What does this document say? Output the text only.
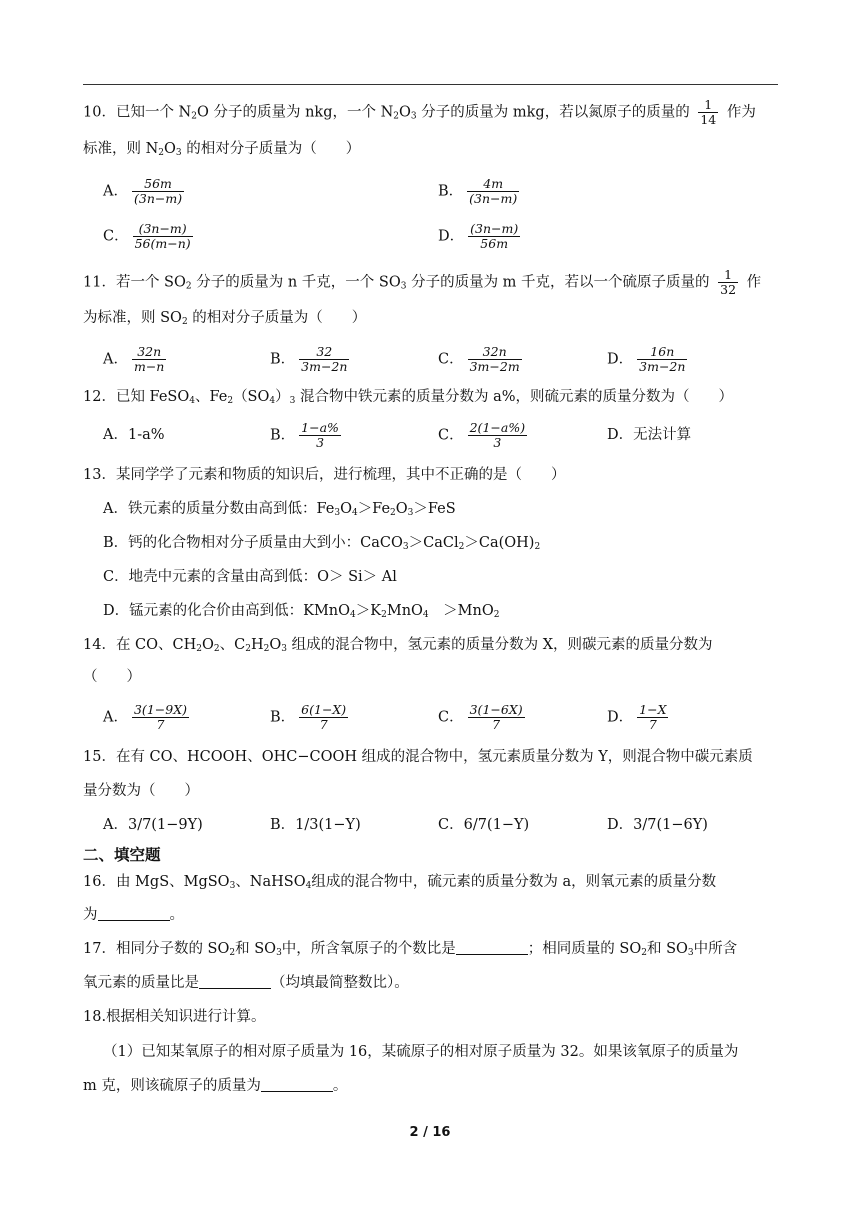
10．已知一个 $N_2O$ 分子的质量为 nkg，一个 $N_2O_3$ 分子的质量为 mkg，若以氮原子的质量的 $\frac{1}{14}$ 作为
标准，则 $N_2O_3$ 的相对分子质量为（　　）
A． $\frac{56m}{(3n-m)}$	B． $\frac{4m}{(3n-m)}$
C． $\frac{(3n-m)}{56(m-n)}$	D． $\frac{(3n-m)}{56m}$
11．若一个 $SO_2$ 分子的质量为 n 千克，一个 $SO_3$ 分子的质量为 m 千克，若以一个硫原子质量的 $\frac{1}{32}$ 作
为标准，则 $SO_2$ 的相对分子质量为（　　）
A． $\frac{32n}{m-n}$	B． $\frac{32}{3m-2n}$	C． $\frac{32n}{3m-2m}$	D． $\frac{16n}{3m-2n}$
12．已知 FeSO$_4$、$Fe_2(SO_4)_3$ 混合物中铁元素的质量分数为 a%，则硫元素的质量分数为（　　）
A．1-a%	B． $\frac{1-a\%}{3}$	C． $\frac{2(1-a\%)}{3}$	D．无法计算
13．某同学学了元素和物质的知识后，进行梳理，其中不正确的是（　　）
A．铁元素的质量分数由高到低：$Fe_3O_4>Fe_2O_3>FeS$
B．钙的化合物相对分子质量由大到小：$CaCO_3>CaCl_2>Ca(OH)_2$
C．地壳中元素的含量由高到低：O＞ Si＞ Al
D．锰元素的化合价由高到低：$KMnO_4>K_2MnO_4$　＞MnO$_2$
14．在 CO、$CH_2O_2$、$C_2H_2O_3$ 组成的混合物中，氢元素的质量分数为 X，则碳元素的质量分数为
（　　）
A． $\frac{3(1-9X)}{7}$	B． $\frac{6(1-X)}{7}$	C． $\frac{3(1-6X)}{7}$	D． $\frac{1-X}{7}$
15．在有 CO、HCOOH、OHC−COOH 组成的混合物中，氢元素质量分数为 Y，则混合物中碳元素质
量分数为（　　）
A．3/7(1−9Y)	B．1/3(1−Y)	C．6/7(1−Y)	D．3/7(1−6Y)
二、填空题
16．由 MgS、MgSO$_3$、NaHSO$_4$组成的混合物中，硫元素的质量分数为 a，则氧元素的质量分数
为	。
17．相同分子数的 $SO_2$和 $SO_3$中，所含氧原子的个数比是	；相同质量的 $SO_2$和 $SO_3$中所含
氧元素的质量比是	（均填最简整数比）。
18.根据相关知识进行计算。
（1）已知某氧原子的相对原子质量为 16，某硫原子的相对原子质量为 32。如果该氧原子的质量为
m 克，则该硫原子的质量为	。
2 / 16
